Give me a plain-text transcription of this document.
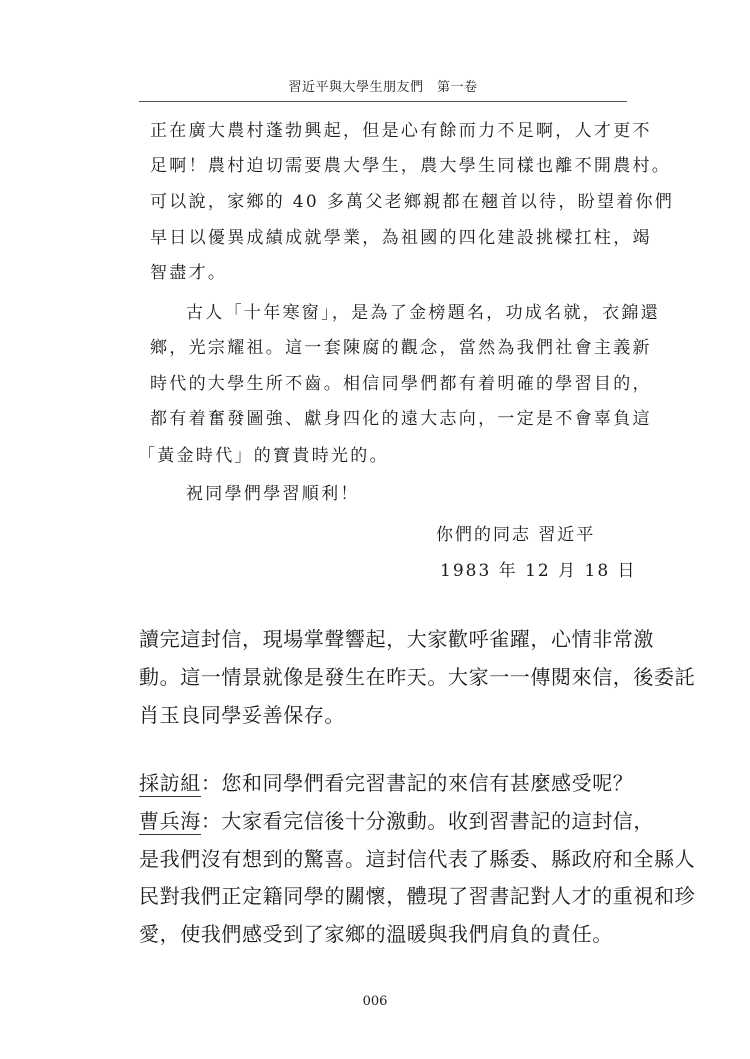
習近平與大學生朋友們　第一卷
正在廣大農村蓬勃興起，但是心有餘而力不足啊，人才更不
足啊！農村迫切需要農大學生，農大學生同樣也離不開農村。
可以說，家鄉的 40 多萬父老鄉親都在翹首以待，盼望着你們
早日以優異成績成就學業，為祖國的四化建設挑樑扛柱，竭
智盡才。
古人「十年寒窗」，是為了金榜題名，功成名就，衣錦還
鄉，光宗耀祖。這一套陳腐的觀念，當然為我們社會主義新
時代的大學生所不齒。相信同學們都有着明確的學習目的，
都有着奮發圖強、獻身四化的遠大志向，一定是不會辜負這
「黃金時代」的寶貴時光的。
祝同學們學習順利！
你們的同志 習近平
1983 年 12 月 18 日
讀完這封信，現場掌聲響起，大家歡呼雀躍，心情非常激
動。這一情景就像是發生在昨天。大家一一傳閱來信，後委託
肖玉良同學妥善保存。
採訪組：您和同學們看完習書記的來信有甚麼感受呢？
曹兵海：大家看完信後十分激動。收到習書記的這封信，
是我們沒有想到的驚喜。這封信代表了縣委、縣政府和全縣人
民對我們正定籍同學的關懷，體現了習書記對人才的重視和珍
愛，使我們感受到了家鄉的溫暖與我們肩負的責任。
006
